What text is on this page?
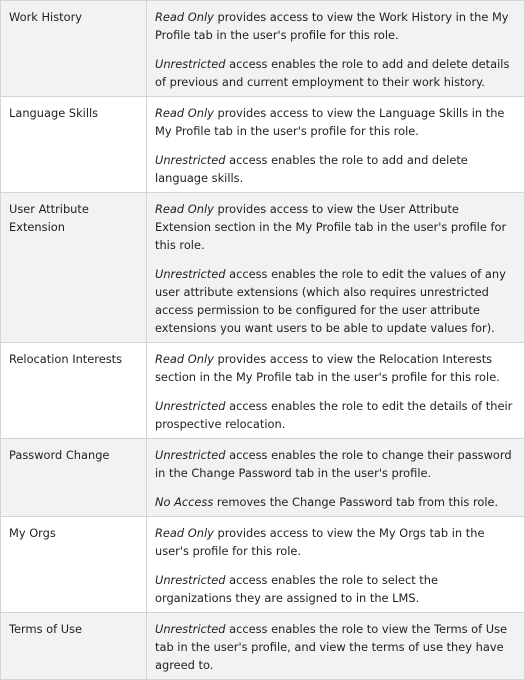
Work History	Read Only provides access to view the Work History in the My Profile tab in the user's profile for this role.

Unrestricted access enables the role to add and delete details of previous and current employment to their work history.

Language Skills	Read Only provides access to view the Language Skills in the My Profile tab in the user's profile for this role.

Unrestricted access enables the role to add and delete language skills.

User Attribute Extension	Read Only provides access to view the User Attribute Extension section in the My Profile tab in the user's profile for this role.

Unrestricted access enables the role to edit the values of any user attribute extensions (which also requires unrestricted access permission to be configured for the user attribute extensions you want users to be able to update values for).

Relocation Interests	Read Only provides access to view the Relocation Interests section in the My Profile tab in the user's profile for this role.

Unrestricted access enables the role to edit the details of their prospective relocation.

Password Change	Unrestricted access enables the role to change their password in the Change Password tab in the user's profile.

No Access removes the Change Password tab from this role.

My Orgs	Read Only provides access to view the My Orgs tab in the user's profile for this role.

Unrestricted access enables the role to select the organizations they are assigned to in the LMS.

Terms of Use	Unrestricted access enables the role to view the Terms of Use tab in the user's profile, and view the terms of use they have agreed to.
